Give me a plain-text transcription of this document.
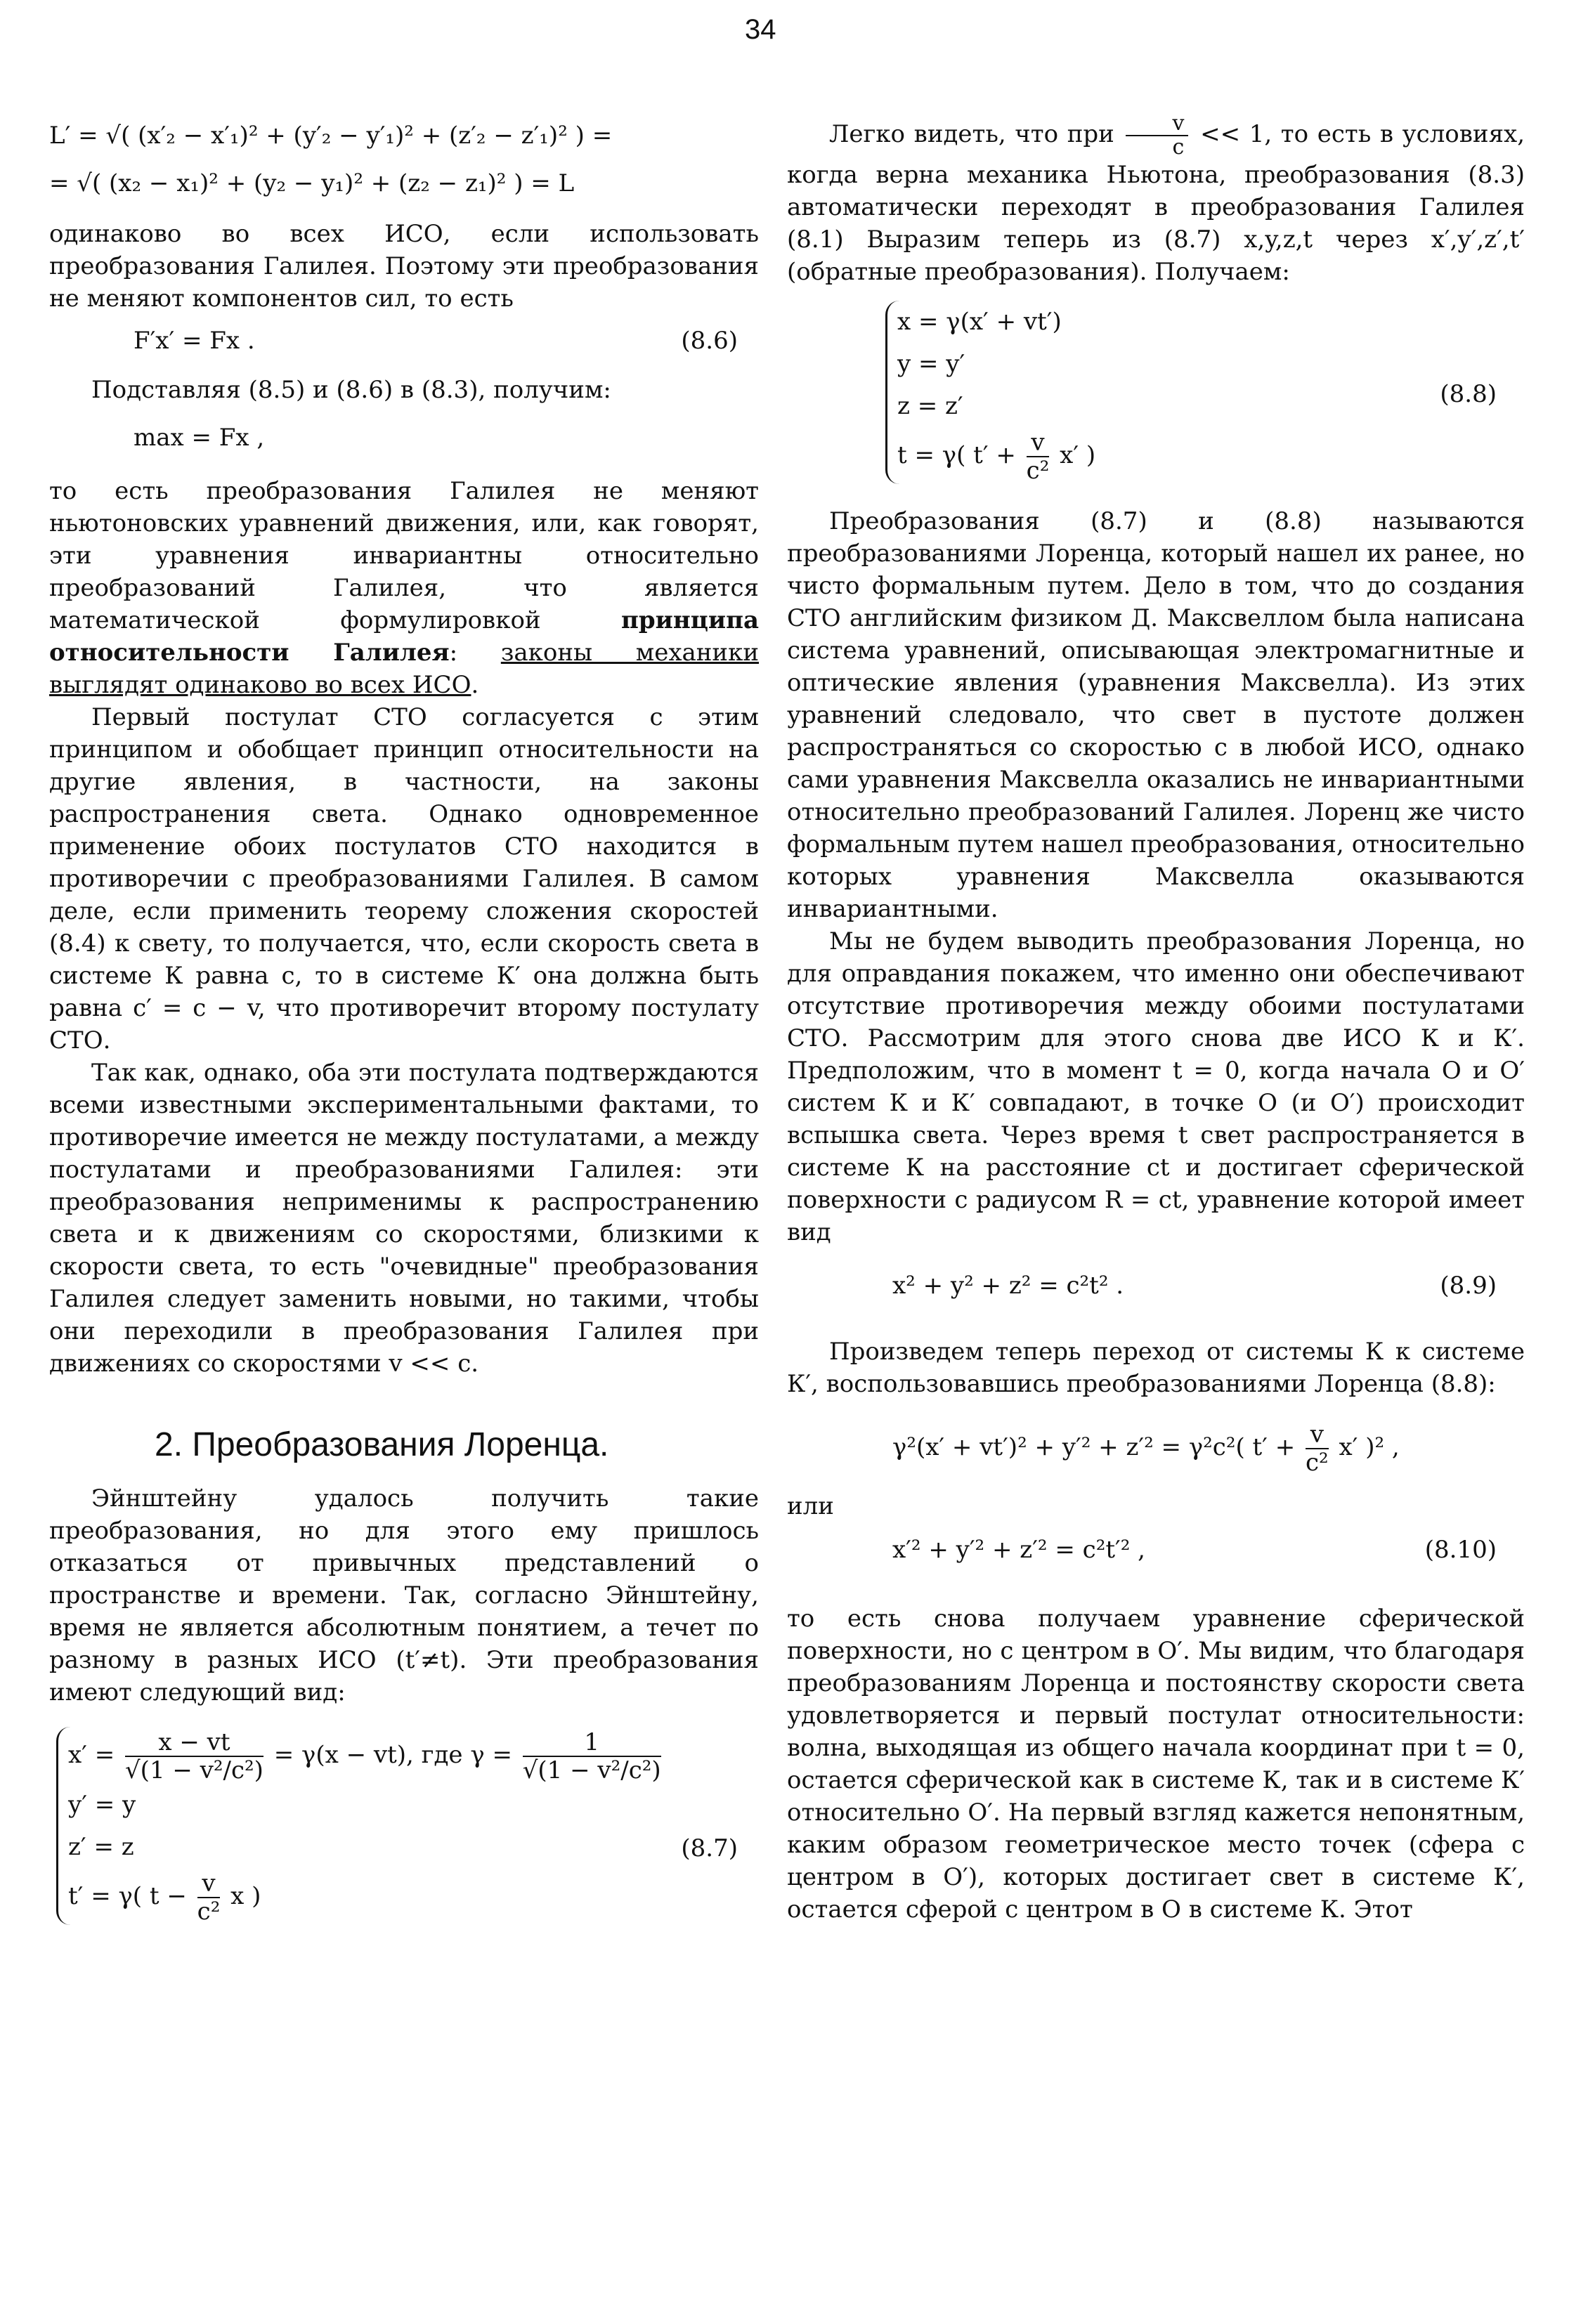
34
L′ = √( (x′₂ − x′₁)² + (y′₂ − y′₁)² + (z′₂ − z′₁)² ) =
= √( (x₂ − x₁)² + (y₂ − y₁)² + (z₂ − z₁)² ) = L

одинаково во всех ИСО, если использовать преобразования Галилея. Поэтому эти преобразования не меняют компонентов сил, то есть

F′x′ = Fx .	(8.6)

Подставляя (8.5) и (8.6) в (8.3), получим:

max = Fx ,

то есть преобразования Галилея не меняют ньютоновских уравнений движения, или, как говорят, эти уравнения инвариантны относительно преобразований Галилея, что является математической формулировкой принципа относительности Галилея: законы механики выглядят одинаково во всех ИСО.

Первый постулат СТО согласуется с этим принципом и обобщает принцип относительности на другие явления, в частности, на законы распространения света. Однако одновременное применение обоих постулатов СТО находится в противоречии с преобразованиями Галилея. В самом деле, если применить теорему сложения скоростей (8.4) к свету, то получается, что, если скорость света в системе К равна с, то в системе К′ она должна быть равна с′ = с − v, что противоречит второму постулату СТО.

Так как, однако, оба эти постулата подтверждаются всеми известными экспериментальными фактами, то противоречие имеется не между постулатами, а между постулатами и преобразованиями Галилея: эти преобразования неприменимы к распространению света и к движениям со скоростями, близкими к скорости света, то есть "очевидные" преобразования Галилея следует заменить новыми, но такими, чтобы они переходили в преобразования Галилея при движениях со скоростями v << c.

2. Преобразования Лоренца.

Эйнштейну удалось получить такие преобразования, но для этого ему пришлось отказаться от привычных представлений о пространстве и времени. Так, согласно Эйнштейну, время не является абсолютным понятием, а течет по разному в разных ИСО (t′≠t). Эти преобразования имеют следующий вид:

$x' = \frac{x - vt}{\text{√(1 − v²/c²)}} = \gamma(x - vt)$, где $\gamma = \frac{1}{\text{√(1 − v²/c²)}}$
y′ = y
z′ = z
t′ = γ( $t - \frac{v}{\text{c²}}$ x )
(8.7)

Легко видеть, что при $\frac{v}{c} << 1$, то есть в условиях, когда верна механика Ньютона, преобразования (8.3) автоматически переходят в преобразования Галилея (8.1) Выразим теперь из (8.7) x,y,z,t через x′,y′,z′,t′ (обратные преобразования). Получаем:

x = γ(x′ + vt′)
y = y′
z = z′
t = γ( $t' + \frac{v}{\text{c²}} x'$ )
(8.8)

Преобразования (8.7) и (8.8) называются преобразованиями Лоренца, который нашел их ранее, но чисто формальным путем. Дело в том, что до создания СТО английским физиком Д. Максвеллом была написана система уравнений, описывающая электромагнитные и оптические явления (уравнения Максвелла). Из этих уравнений следовало, что свет в пустоте должен распространяться со скоростью с в любой ИСО, однако сами уравнения Максвелла оказались не инвариантными относительно преобразований Галилея. Лоренц же чисто формальным путем нашел преобразования, относительно которых уравнения Максвелла оказываются инвариантными.

Мы не будем выводить преобразования Лоренца, но для оправдания покажем, что именно они обеспечивают отсутствие противоречия между обоими постулатами СТО. Рассмотрим для этого снова две ИСО К и К′. Предположим, что в момент t = 0, когда начала О и О′ систем К и К′ совпадают, в точке О (и О′) происходит вспышка света. Через время t свет распространяется в системе К на расстояние ct и достигает сферической поверхности с радиусом R = ct, уравнение которой имеет вид

x² + y² + z² = c²t² .	(8.9)

Произведем теперь переход от системы К к системе К′, воспользовавшись преобразованиями Лоренца (8.8):

γ²(x′ + vt′)² + y′² + z′² = γ²c²( $t' + \frac{v}{\text{c²}} x'$ )² ,
или
x′² + y′² + z′² = c²t′² ,	(8.10)

то есть снова получаем уравнение сферической поверхности, но с центром в О′. Мы видим, что благодаря преобразованиям Лоренца и постоянству скорости света удовлетворяется и первый постулат относительности: волна, выходящая из общего начала координат при t = 0, остается сферической как в системе К, так и в системе К′ относительно О′. На первый взгляд кажется непонятным, каким образом геометрическое место точек (сфера с центром в О′), которых достигает свет в системе К′, остается сферой с центром в О в системе К. Этот
